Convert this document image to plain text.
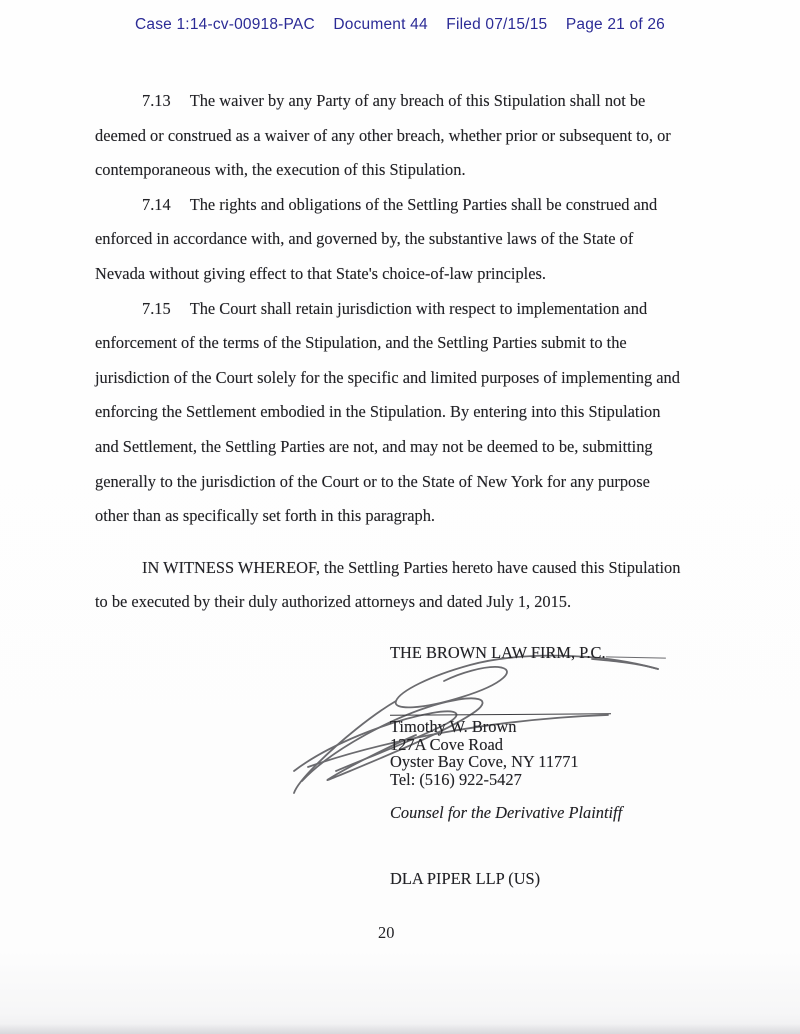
Case 1:14-cv-00918-PAC Document 44 Filed 07/15/15 Page 21 of 26

7.13 The waiver by any Party of any breach of this Stipulation shall not be deemed or construed as a waiver of any other breach, whether prior or subsequent to, or contemporaneous with, the execution of this Stipulation.

7.14 The rights and obligations of the Settling Parties shall be construed and enforced in accordance with, and governed by, the substantive laws of the State of Nevada without giving effect to that State's choice-of-law principles.

7.15 The Court shall retain jurisdiction with respect to implementation and enforcement of the terms of the Stipulation, and the Settling Parties submit to the jurisdiction of the Court solely for the specific and limited purposes of implementing and enforcing the Settlement embodied in the Stipulation. By entering into this Stipulation and Settlement, the Settling Parties are not, and may not be deemed to be, submitting generally to the jurisdiction of the Court or to the State of New York for any purpose other than as specifically set forth in this paragraph.

IN WITNESS WHEREOF, the Settling Parties hereto have caused this Stipulation to be executed by their duly authorized attorneys and dated July 1, 2015.

THE BROWN LAW FIRM, P.C.
Timothy W. Brown
127A Cove Road
Oyster Bay Cove, NY 11771
Tel: (516) 922-5427
Counsel for the Derivative Plaintiff
DLA PIPER LLP (US)
20
